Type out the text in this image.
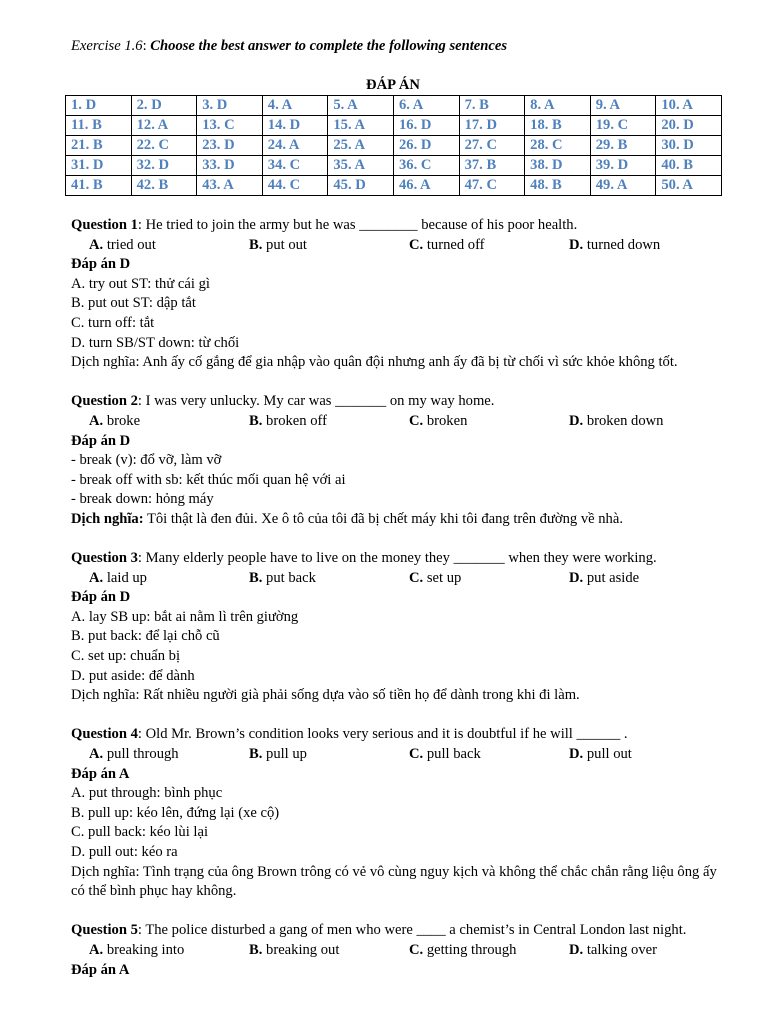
Exercise 1.6: Choose the best answer to complete the following sentences
ĐÁP ÁN
1. D	2. D	3. D	4. A	5. A	6. A	7. B	8. A	9. A	10. A
11. B	12. A	13. C	14. D	15. A	16. D	17. D	18. B	19. C	20. D
21. B	22. C	23. D	24. A	25. A	26. D	27. C	28. C	29. B	30. D
31. D	32. D	33. D	34. C	35. A	36. C	37. B	38. D	39. D	40. B
41. B	42. B	43. A	44. C	45. D	46. A	47. C	48. B	49. A	50. A
Question 1: He tried to join the army but he was ________ because of his poor health.
A. tried out	B. put out	C. turned off	D. turned down
Đáp án D
A. try out ST: thử cái gì
B. put out ST: dập tắt
C. turn off: tắt
D. turn SB/ST down: từ chối
Dịch nghĩa: Anh ấy cố gắng để gia nhập vào quân đội nhưng anh ấy đã bị từ chối vì sức khỏe không tốt.
Question 2: I was very unlucky. My car was _______ on my way home.
A. broke	B. broken off	C. broken	D. broken down
Đáp án D
- break (v): đổ vỡ, làm vỡ
- break off with sb: kết thúc mối quan hệ với ai
- break down: hỏng máy
Dịch nghĩa: Tôi thật là đen đủi. Xe ô tô của tôi đã bị chết máy khi tôi đang trên đường về nhà.
Question 3: Many elderly people have to live on the money they _______ when they were working.
A. laid up	B. put back	C. set up	D. put aside
Đáp án D
A. lay SB up: bắt ai nằm lì trên giường
B. put back: để lại chỗ cũ
C. set up: chuẩn bị
D. put aside: để dành
Dịch nghĩa: Rất nhiều người già phải sống dựa vào số tiền họ để dành trong khi đi làm.
Question 4: Old Mr. Brown’s condition looks very serious and it is doubtful if he will ______ .
A. pull through	B. pull up	C. pull back	D. pull out
Đáp án A
A. put through: bình phục
B. pull up: kéo lên, đứng lại (xe cộ)
C. pull back: kéo lùi lại
D. pull out: kéo ra
Dịch nghĩa: Tình trạng của ông Brown trông có vẻ vô cùng nguy kịch và không thể chắc chắn rằng liệu ông ấy có thể bình phục hay không.
Question 5: The police disturbed a gang of men who were ____ a chemist’s in Central London last night.
A. breaking into	B. breaking out	C. getting through	D. talking over
Đáp án A
